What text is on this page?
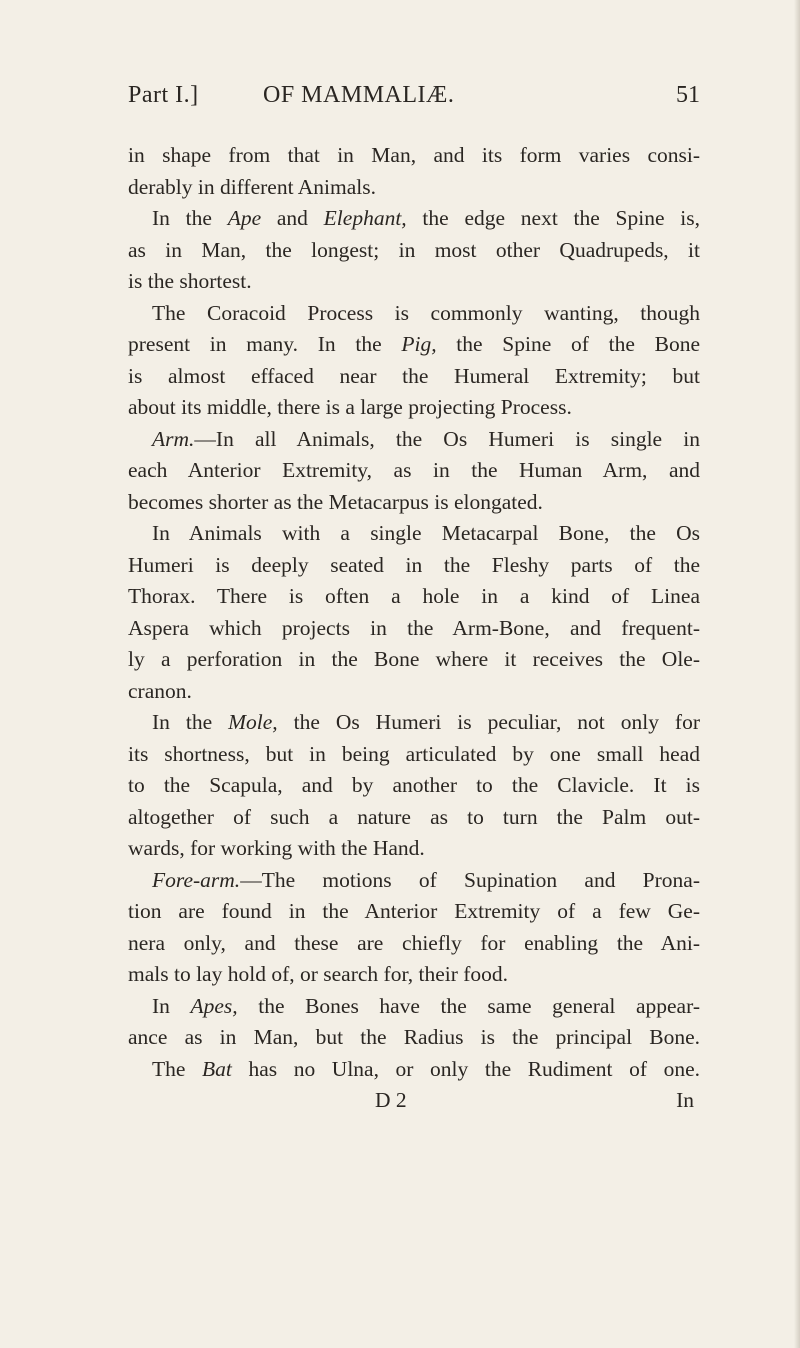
Part I.]	OF MAMMALIÆ.	51
in shape from that in Man, and its form varies consi-
derably in different Animals.
In the Ape and Elephant, the edge next the Spine is,
as in Man, the longest; in most other Quadrupeds, it
is the shortest.
The Coracoid Process is commonly wanting, though
present in many. In the Pig, the Spine of the Bone
is almost effaced near the Humeral Extremity; but
about its middle, there is a large projecting Process.
Arm.—In all Animals, the Os Humeri is single in
each Anterior Extremity, as in the Human Arm, and
becomes shorter as the Metacarpus is elongated.
In Animals with a single Metacarpal Bone, the Os
Humeri is deeply seated in the Fleshy parts of the
Thorax. There is often a hole in a kind of Linea
Aspera which projects in the Arm-Bone, and frequent-
ly a perforation in the Bone where it receives the Ole-
cranon.
In the Mole, the Os Humeri is peculiar, not only for
its shortness, but in being articulated by one small head
to the Scapula, and by another to the Clavicle. It is
altogether of such a nature as to turn the Palm out-
wards, for working with the Hand.
Fore-arm.—The motions of Supination and Prona-
tion are found in the Anterior Extremity of a few Ge-
nera only, and these are chiefly for enabling the Ani-
mals to lay hold of, or search for, their food.
In Apes, the Bones have the same general appear-
ance as in Man, but the Radius is the principal Bone.
The Bat has no Ulna, or only the Rudiment of one.
D 2	In
